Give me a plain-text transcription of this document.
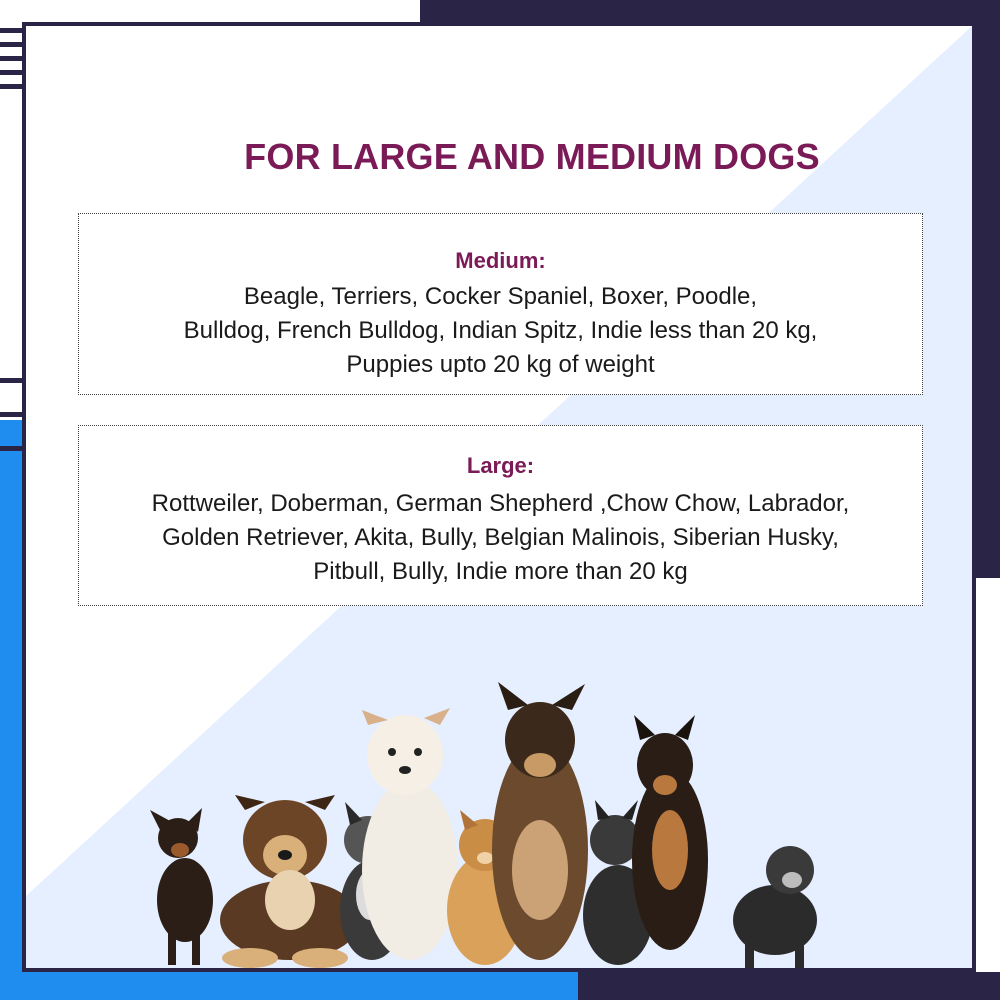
FOR LARGE AND MEDIUM DOGS
Medium:
Beagle, Terriers, Cocker Spaniel, Boxer, Poodle,
Bulldog, French Bulldog, Indian Spitz, Indie less than 20 kg,
Puppies upto 20 kg of weight
Large:
Rottweiler, Doberman, German Shepherd ,Chow Chow, Labrador,
Golden Retriever, Akita, Bully, Belgian Malinois, Siberian Husky,
Pitbull, Bully, Indie more than 20 kg
